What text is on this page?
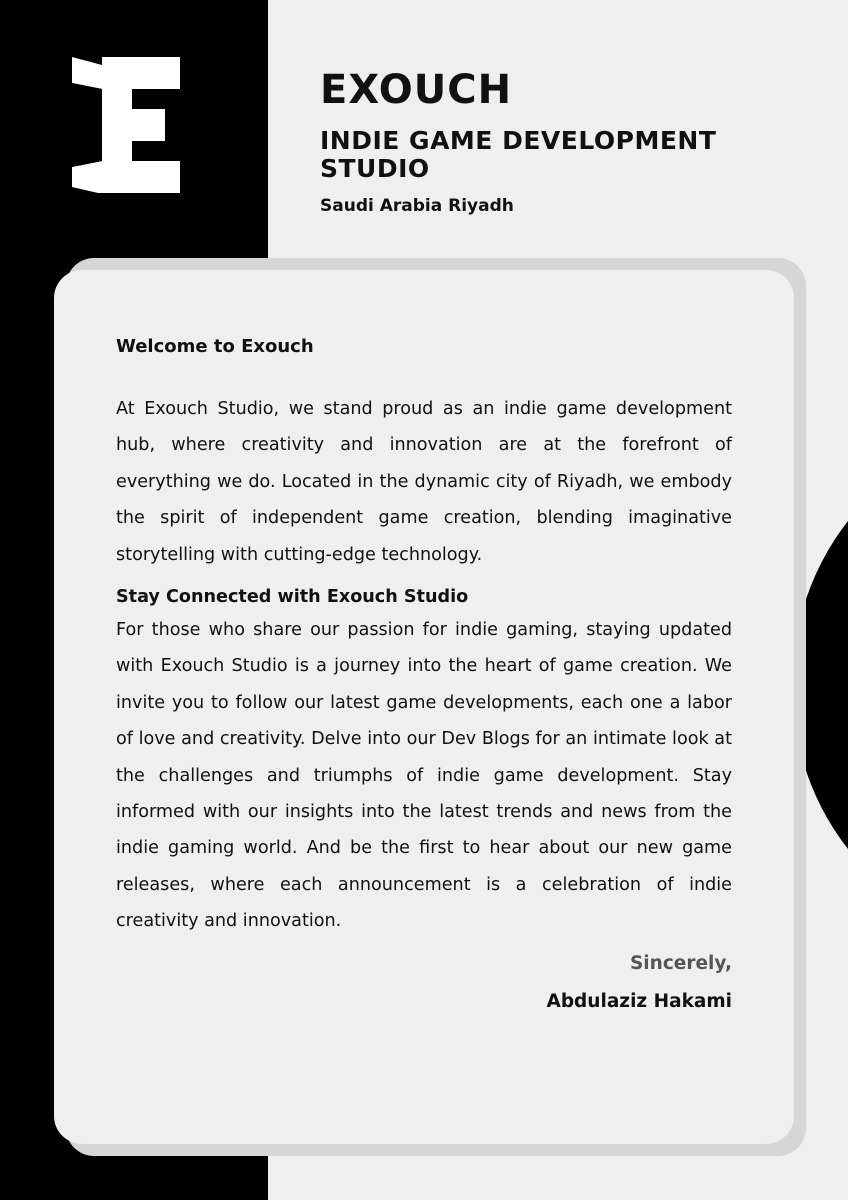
EXOUCH
INDIE GAME DEVELOPMENT STUDIO

Saudi Arabia Riyadh

Welcome to Exouch

At Exouch Studio, we stand proud as an indie game development hub, where creativity and innovation are at the forefront of everything we do. Located in the dynamic city of Riyadh, we embody the spirit of independent game creation, blending imaginative storytelling with cutting-edge technology.

Stay Connected with Exouch Studio

For those who share our passion for indie gaming, staying updated with Exouch Studio is a journey into the heart of game creation. We invite you to follow our latest game developments, each one a labor of love and creativity. Delve into our Dev Blogs for an intimate look at the challenges and triumphs of indie game development. Stay informed with our insights into the latest trends and news from the indie gaming world. And be the first to hear about our new game releases, where each announcement is a celebration of indie creativity and innovation.

Sincerely,

Abdulaziz Hakami
